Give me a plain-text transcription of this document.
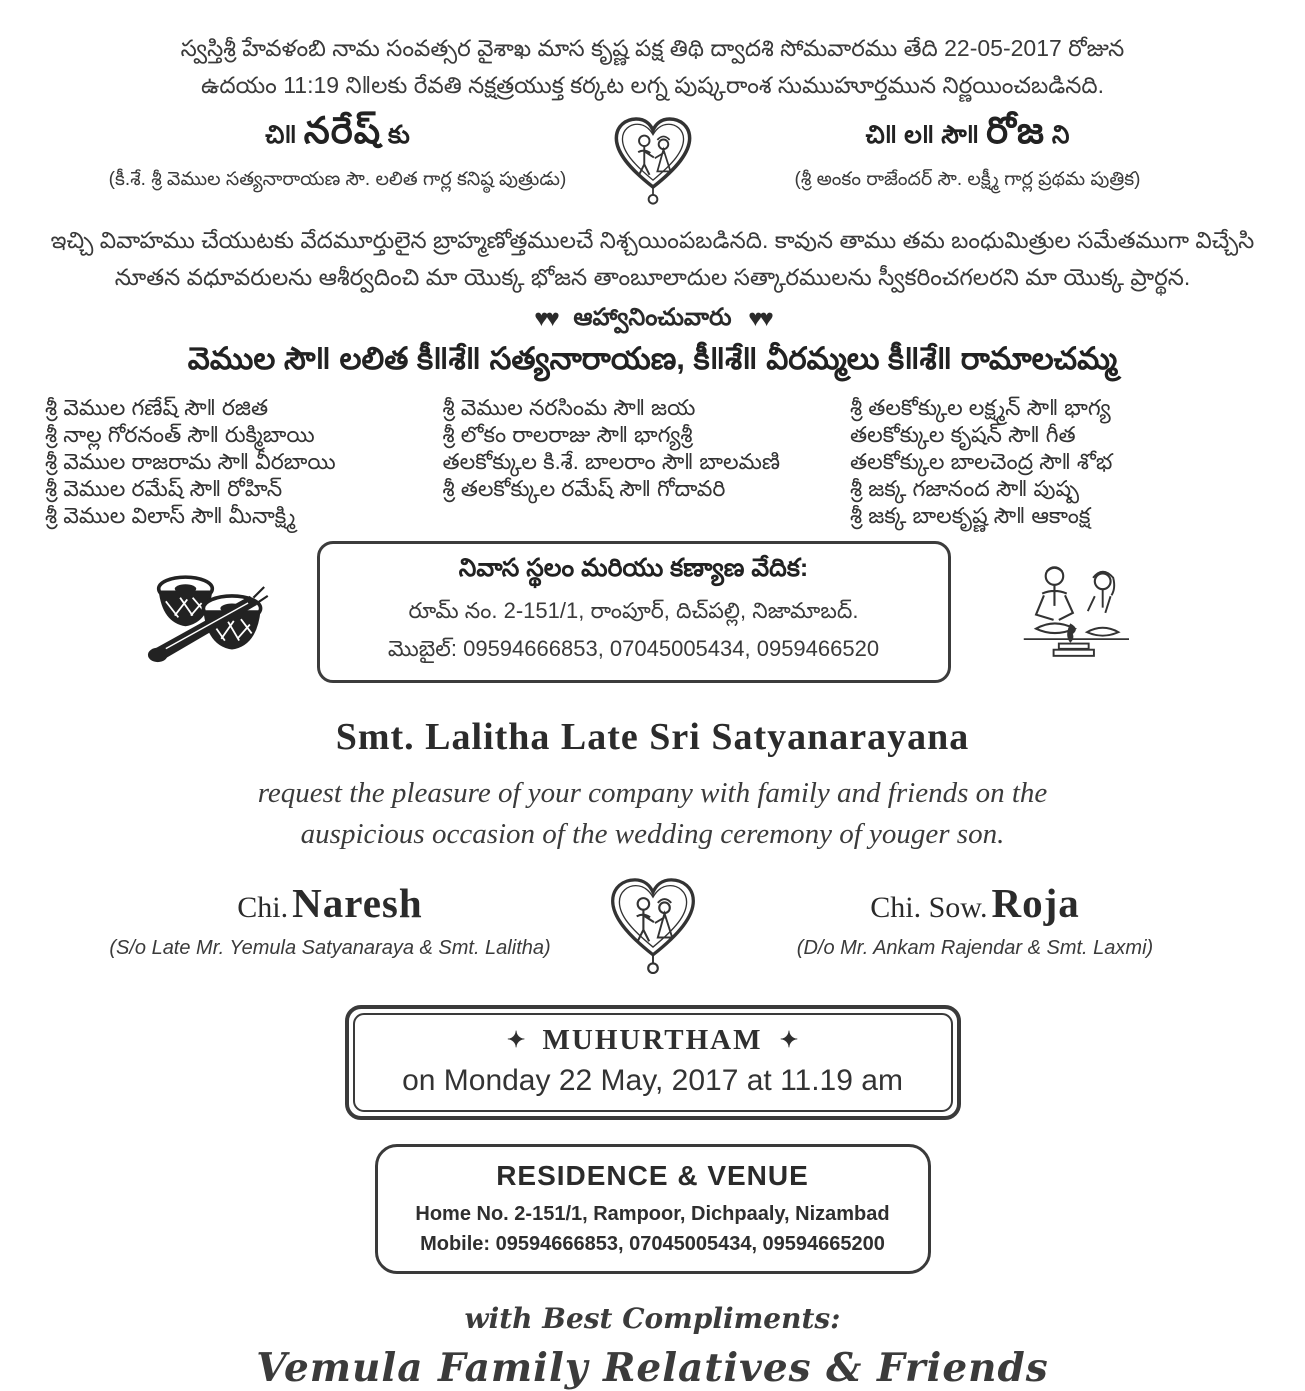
స్వస్తిశ్రీ హేవళంబి నామ సంవత్సర వైశాఖ మాస కృష్ణ పక్ష తిథి ద్వాదశి సోమవారము తేది 22-05-2017 రోజున
ఉదయం 11:19 ని‖లకు రేవతి నక్షత్రయుక్త కర్కట లగ్న పుష్కరాంశ సుముహూర్తమున నిర్ణయించబడినది.
చి‖ నరేష్ కు
(కీ.శే. శ్రీ వెముల సత్యనారాయణ సౌ. లలిత గార్ల కనిష్ఠ పుత్రుడు)
చి‖ ల‖ సౌ‖ రోజ ని
(శ్రీ అంకం రాజేందర్ సౌ. లక్ష్మీ గార్ల ప్రథమ పుత్రిక)
ఇచ్చి వివాహము చేయుటకు వేదమూర్తులైన బ్రాహ్మణోత్తములచే నిశ్చయింపబడినది. కావున తాము తమ బంధుమిత్రుల సమేతముగా విచ్చేసి
నూతన వధూవరులను ఆశీర్వదించి మా యొక్క భోజన తాంబూలాదుల సత్కారములను స్వీకరించగలరని మా యొక్క ప్రార్థన.
♥♥ ఆహ్వానించువారు ♥♥
వెముల సౌ‖ లలిత కీ‖శే‖ సత్యనారాయణ, కీ‖శే‖ వీరమ్మలు కీ‖శే‖ రామాలచమ్మ
శ్రీ వెముల గణేష్ సౌ‖ రజిత
శ్రీ నాల్ల గోరనంత్ సౌ‖ రుక్మిబాయి
శ్రీ వెముల రాజరామ సౌ‖ వీరబాయి
శ్రీ వెముల రమేష్ సౌ‖ రోహిన్
శ్రీ వెముల విలాస్ సౌ‖ మీనాక్ష్మి
శ్రీ వెముల నరసింమ సౌ‖ జయ
శ్రీ లోకం రాలరాజు సౌ‖ భాగ్యశ్రీ
తలకోక్కుల కి.శే. బాలరాం సౌ‖ బాలమణి
శ్రీ తలకోక్కుల రమేష్ సౌ‖ గోదావరి
శ్రీ తలకోక్కుల లక్ష్మన్ సౌ‖ భాగ్య
తలకోక్కుల కృషన్ సౌ‖ గీత
తలకోక్కుల బాలచెంద్ర సౌ‖ శోభ
శ్రీ జక్క గజానంద సౌ‖ పుష్ప
శ్రీ జక్క బాలకృష్ణ సౌ‖ ఆకాంక్ష
నివాస స్థలం మరియు కణ్యాణ వేదిక:
రూమ్ నం. 2-151/1, రాంపూర్, దిచ్‌పల్లి, నిజామాబద్.
మొబైల్: 09594666853, 07045005434, 0959466520
Smt. Lalitha Late Sri Satyanarayana
request the pleasure of your company with family and friends on the
auspicious occasion of the wedding ceremony of youger son.
Chi. Naresh
(S/o Late Mr. Yemula Satyanaraya & Smt. Lalitha)
Chi. Sow. Roja
(D/o Mr. Ankam Rajendar & Smt. Laxmi)
✦ MUHURTHAM ✦
on Monday 22 May, 2017 at 11.19 am
RESIDENCE & VENUE
Home No. 2-151/1, Rampoor, Dichpaaly, Nizambad
Mobile: 09594666853, 07045005434, 09594665200
with Best Compliments:
Vemula Family Relatives & Friends
